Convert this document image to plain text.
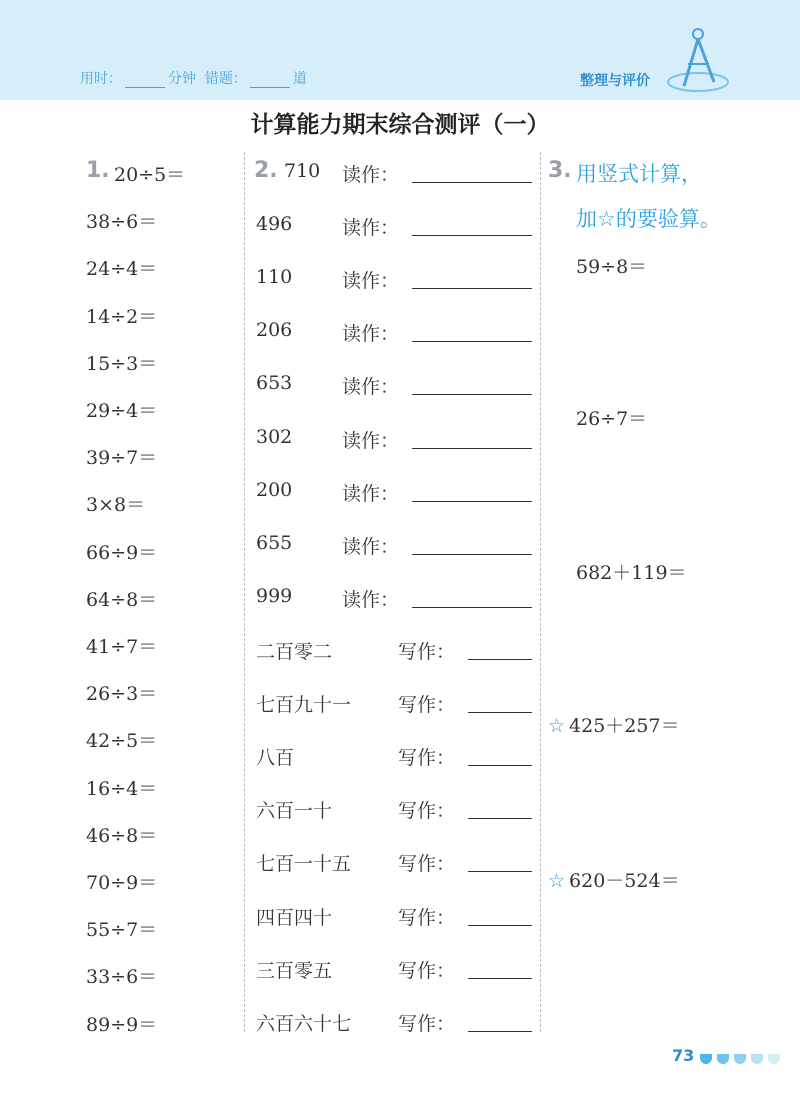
用时：	分钟 错题：	道	整理与评价
计算能力期末综合测评（一）
1. 20÷5＝
38÷6＝
24÷4＝
14÷2＝
15÷3＝
29÷4＝
39÷7＝
3×8＝
66÷9＝
64÷8＝
41÷7＝
26÷3＝
42÷5＝
16÷4＝
46÷8＝
70÷9＝
55÷7＝
33÷6＝
89÷9＝
2. 710 读作：
496	读作：
110	读作：
206	读作：
653	读作：
302	读作：
200	读作：
655	读作：
999	读作：
二百零二	写作：
七百九十一 写作：
八百	写作：
六百一十	写作：
七百一十五 写作：
四百四十	写作：
三百零五	写作：
六百六十七 写作：
3. 用竖式计算，
加☆的要验算。
59÷8＝
26÷7＝
682＋119＝
☆ 425＋257＝
☆ 620－524＝
73
